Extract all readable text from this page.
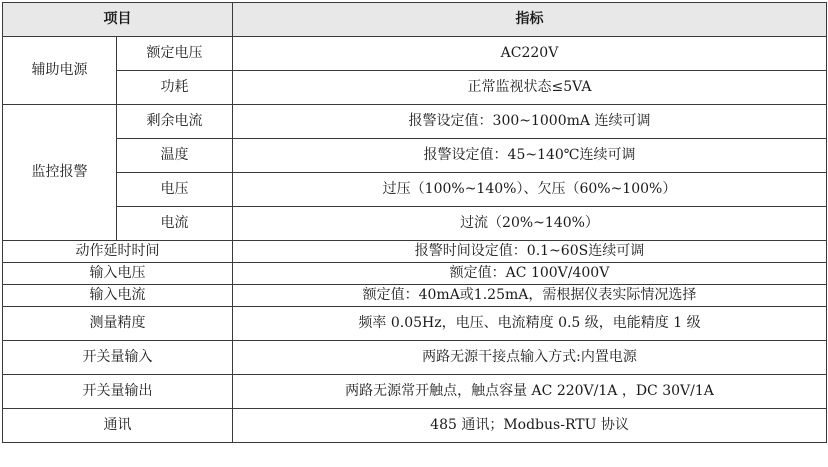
项目		指标
辅助电源	额定电压	AC220V
	功耗	正常监视状态≤5VA
监控报警	剩余电流	报警设定值：300~1000mA 连续可调
	温度	报警设定值：45~140℃连续可调
	电压	过压（100%~140%）、欠压（60%~100%）
	电流	过流（20%~140%）
动作延时时间		报警时间设定值：0.1~60S连续可调
输入电压		额定值：AC 100V/400V
输入电流		额定值：40mA或1.25mA，需根据仪表实际情况选择
测量精度		频率 0.05Hz，电压、电流精度 0.5 级，电能精度 1 级
开关量输入		两路无源干接点输入方式:内置电源
开关量输出		两路无源常开触点，触点容量 AC 220V/1A ，DC 30V/1A
通讯		485 通讯；Modbus-RTU 协议
